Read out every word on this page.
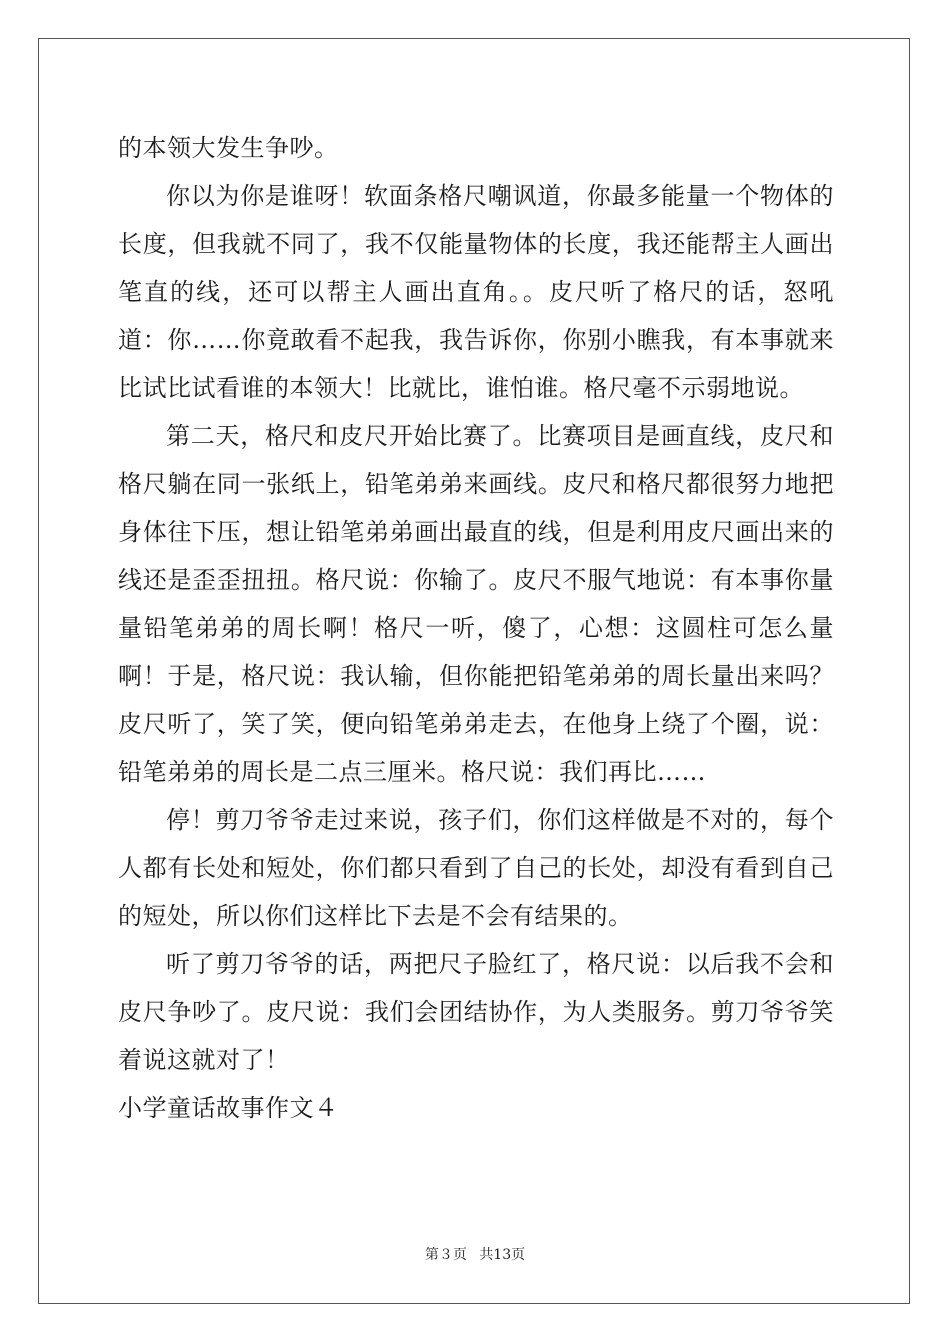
的本领大发生争吵。

你以为你是谁呀！软面条格尺嘲讽道，你最多能量一个物体的长度，但我就不同了，我不仅能量物体的长度，我还能帮主人画出笔直的线，还可以帮主人画出直角。。皮尺听了格尺的话，怒吼道：你……你竟敢看不起我，我告诉你，你别小瞧我，有本事就来比试比试看谁的本领大！比就比，谁怕谁。格尺毫不示弱地说。

第二天，格尺和皮尺开始比赛了。比赛项目是画直线，皮尺和格尺躺在同一张纸上，铅笔弟弟来画线。皮尺和格尺都很努力地把身体往下压，想让铅笔弟弟画出最直的线，但是利用皮尺画出来的线还是歪歪扭扭。格尺说：你输了。皮尺不服气地说：有本事你量量铅笔弟弟的周长啊！格尺一听，傻了，心想：这圆柱可怎么量啊！于是，格尺说：我认输，但你能把铅笔弟弟的周长量出来吗？皮尺听了，笑了笑，便向铅笔弟弟走去，在他身上绕了个圈，说：铅笔弟弟的周长是二点三厘米。格尺说：我们再比……

停！剪刀爷爷走过来说，孩子们，你们这样做是不对的，每个人都有长处和短处，你们都只看到了自己的长处，却没有看到自己的短处，所以你们这样比下去是不会有结果的。

听了剪刀爷爷的话，两把尺子脸红了，格尺说：以后我不会和皮尺争吵了。皮尺说：我们会团结协作，为人类服务。剪刀爷爷笑着说这就对了！

小学童话故事作文４

第３页 共13页
